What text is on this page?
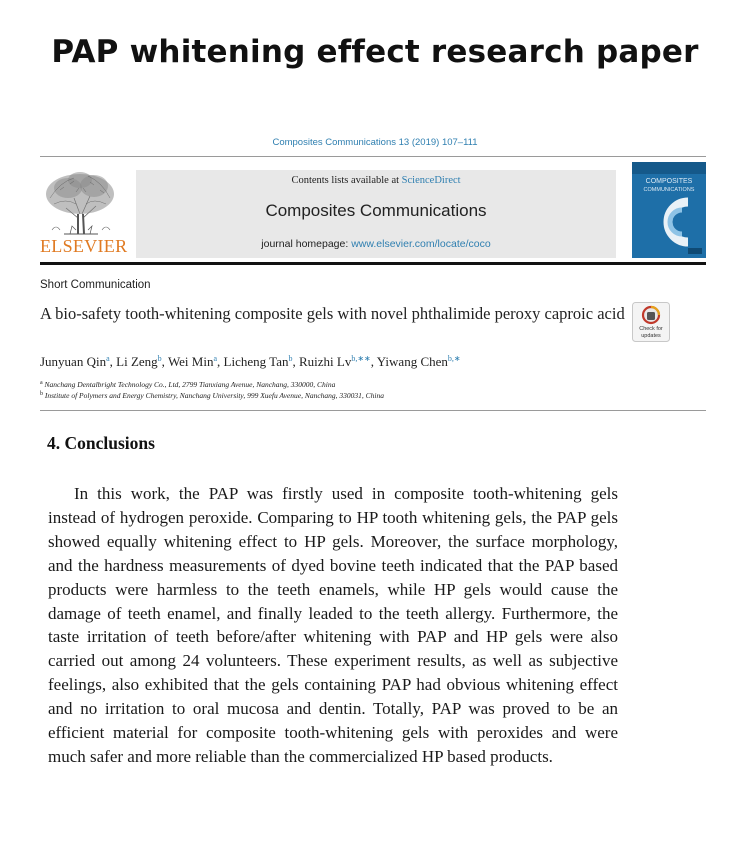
PAP whitening effect research paper
Composites Communications 13 (2019) 107–111
ELSEVIER
Contents lists available at ScienceDirect
Composites Communications
journal homepage: www.elsevier.com/locate/coco
COMPOSITES
COMMUNICATIONS
Short Communication
A bio-safety tooth-whitening composite gels with novel phthalimide peroxy caproic acid
Check for
updates
Junyuan Qin$^a$, Li Zeng$^b$, Wei Min$^a$, Licheng Tan$^b$, Ruizhi $Lv^{b,∗∗}$, Yiwang Chen$^{b,∗}$
$^a$ Nanchang Dentalbright Technology Co., Ltd, 2799 Tianxiang Avenue, Nanchang, 330000, China
$^b$ Institute of Polymers and Energy Chemistry, Nanchang University, 999 Xuefu Avenue, Nanchang, 330031, China
4. Conclusions

In this work, the PAP was firstly used in composite tooth-whitening gels instead of hydrogen peroxide. Comparing to HP tooth whitening gels, the PAP gels showed equally whitening effect to HP gels. Moreover, the surface morphology, and the hardness measurements of dyed bovine teeth indicated that the PAP based products were harmless to the teeth enamels, while HP gels would cause the damage of teeth enamel, and finally leaded to the teeth allergy. Furthermore, the taste irritation of teeth before/after whitening with PAP and HP gels were also carried out among 24 volunteers. These experiment results, as well as subjective feelings, also exhibited that the gels containing PAP had obvious whitening effect and no irritation to oral mucosa and dentin. Totally, PAP was proved to be an efficient material for composite tooth-whitening gels with peroxides and were much safer and more reliable than the commercialized HP based products.
